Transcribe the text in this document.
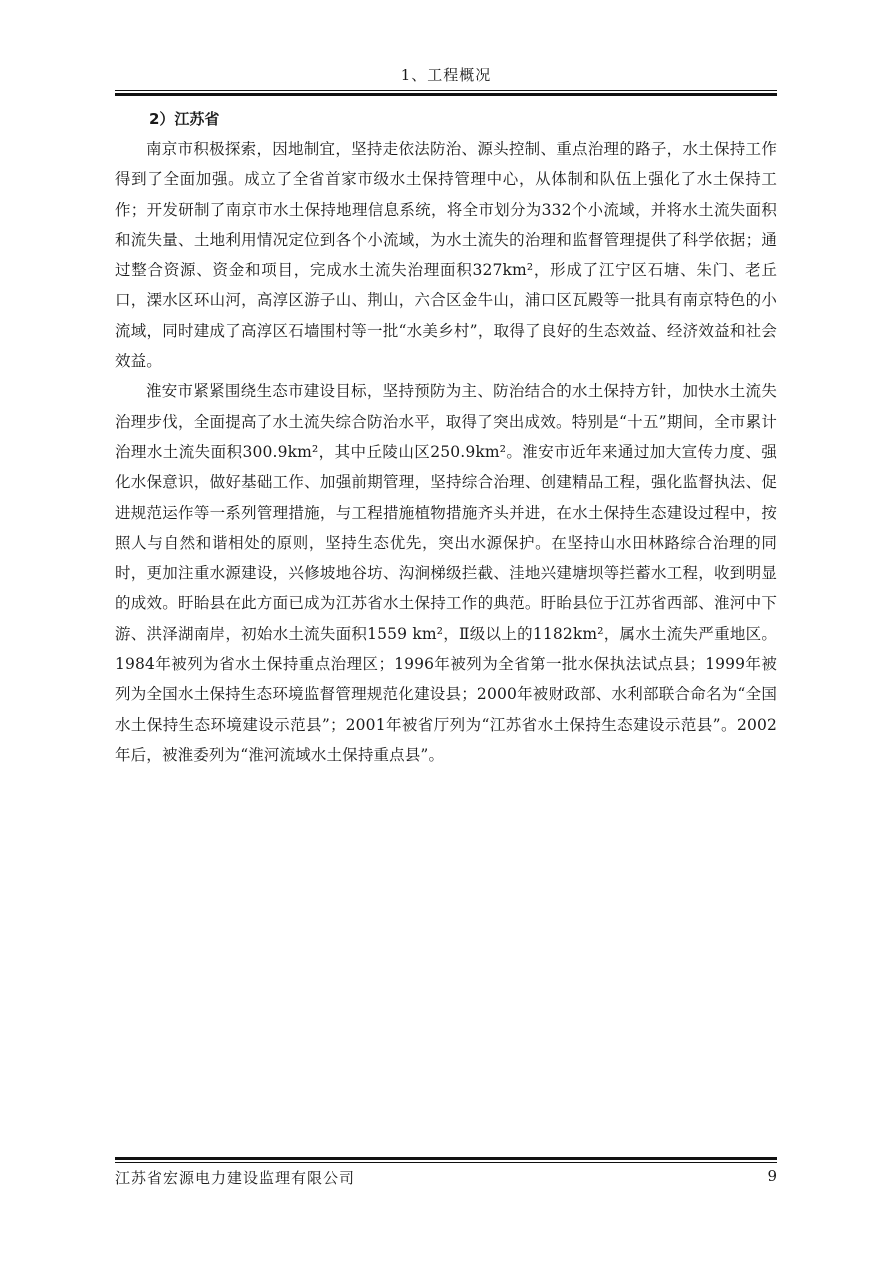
1、工程概况

2）江苏省

南京市积极探索，因地制宜，坚持走依法防治、源头控制、重点治理的路子，水土保持工作得到了全面加强。成立了全省首家市级水土保持管理中心，从体制和队伍上强化了水土保持工作；开发研制了南京市水土保持地理信息系统，将全市划分为332个小流域，并将水土流失面积和流失量、土地利用情况定位到各个小流域，为水土流失的治理和监督管理提供了科学依据；通过整合资源、资金和项目，完成水土流失治理面积327km²，形成了江宁区石塘、朱门、老丘口，溧水区环山河，高淳区游子山、荆山，六合区金牛山，浦口区瓦殿等一批具有南京特色的小流域，同时建成了高淳区石墙围村等一批“水美乡村”，取得了良好的生态效益、经济效益和社会效益。

淮安市紧紧围绕生态市建设目标，坚持预防为主、防治结合的水土保持方针，加快水土流失治理步伐，全面提高了水土流失综合防治水平，取得了突出成效。特别是“十五”期间，全市累计治理水土流失面积300.9km²，其中丘陵山区250.9km²。淮安市近年来通过加大宣传力度、强化水保意识，做好基础工作、加强前期管理，坚持综合治理、创建精品工程，强化监督执法、促进规范运作等一系列管理措施，与工程措施植物措施齐头并进，在水土保持生态建设过程中，按照人与自然和谐相处的原则，坚持生态优先，突出水源保护。在坚持山水田林路综合治理的同时，更加注重水源建设，兴修坡地谷坊、沟涧梯级拦截、洼地兴建塘坝等拦蓄水工程，收到明显的成效。盱眙县在此方面已成为江苏省水土保持工作的典范。盱眙县位于江苏省西部、淮河中下游、洪泽湖南岸，初始水土流失面积1559 km²，Ⅱ级以上的1182km²，属水土流失严重地区。1984年被列为省水土保持重点治理区；1996年被列为全省第一批水保执法试点县；1999年被列为全国水土保持生态环境监督管理规范化建设县；2000年被财政部、水利部联合命名为“全国水土保持生态环境建设示范县”；2001年被省厅列为“江苏省水土保持生态建设示范县”。2002年后，被淮委列为“淮河流域水土保持重点县”。

江苏省宏源电力建设监理有限公司	9
